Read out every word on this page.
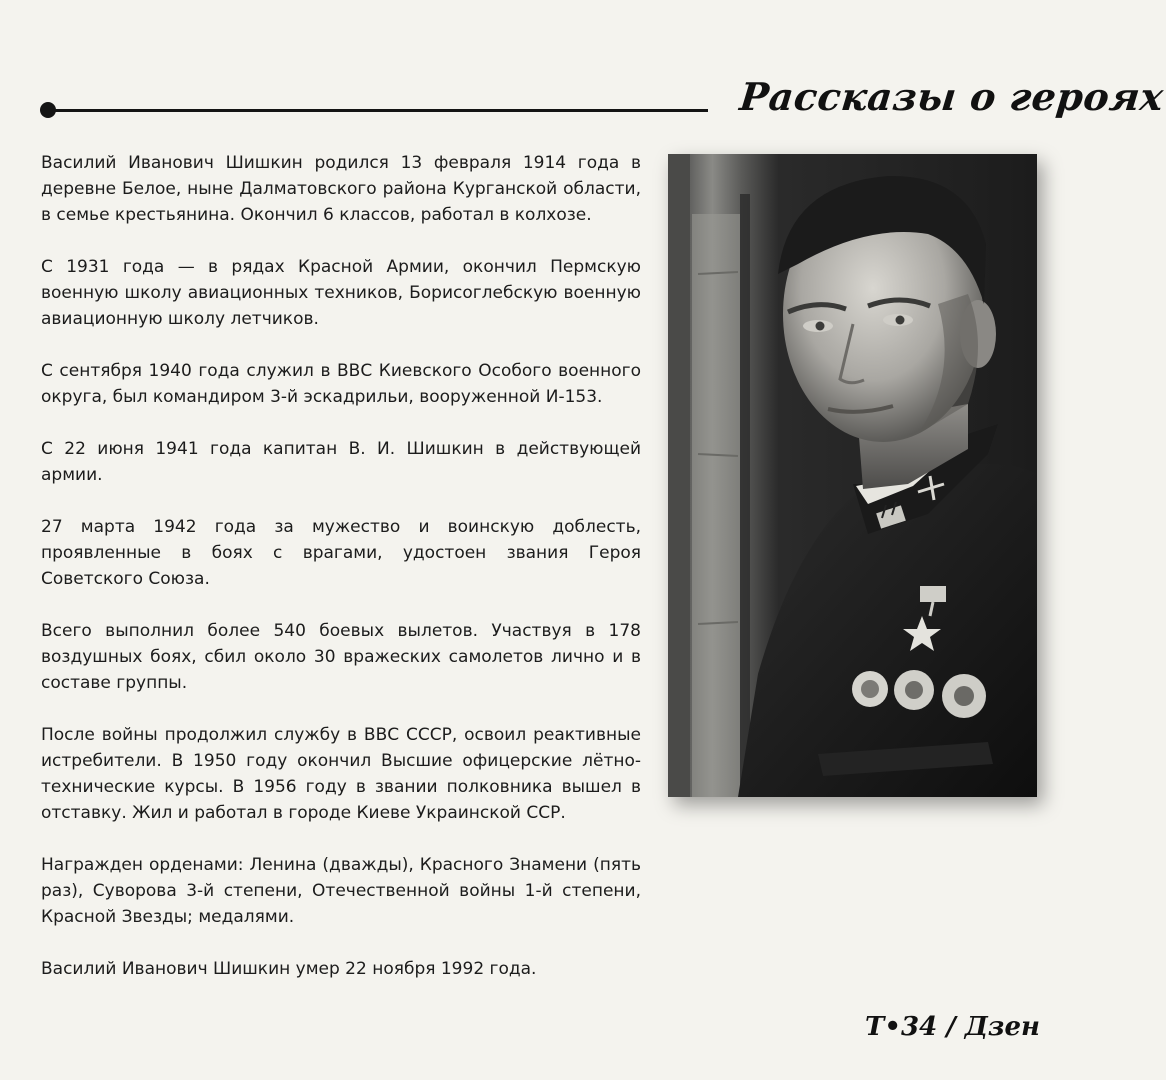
Рассказы о героях

Василий Иванович Шишкин родился 13 февраля 1914 года в деревне Белое, ныне Далматовского района Курганской области, в семье крестьянина. Окончил 6 классов, работал в колхозе.

С 1931 года — в рядах Красной Армии, окончил Пермскую военную школу авиационных техников, Борисоглебскую военную авиационную школу летчиков.

С сентября 1940 года служил в ВВС Киевского Особого военного округа, был командиром 3-й эскадрильи, вооруженной И-153.

С 22 июня 1941 года капитан В. И. Шишкин в действующей армии.

27 марта 1942 года за мужество и воинскую доблесть, проявленные в боях с врагами, удостоен звания Героя Советского Союза.

Всего выполнил более 540 боевых вылетов. Участвуя в 178 воздушных боях, сбил около 30 вражеских самолетов лично и в составе группы.

После войны продолжил службу в ВВС СССР, освоил реактивные истребители. В 1950 году окончил Высшие офицерские лётно-технические курсы. В 1956 году в звании полковника вышел в отставку. Жил и работал в городе Киеве Украинской ССР.

Награжден орденами: Ленина (дважды), Красного Знамени (пять раз), Суворова 3-й степени, Отечественной войны 1-й степени, Красной Звезды; медалями.

Василий Иванович Шишкин умер 22 ноября 1992 года.

Т•34 / Дзен
